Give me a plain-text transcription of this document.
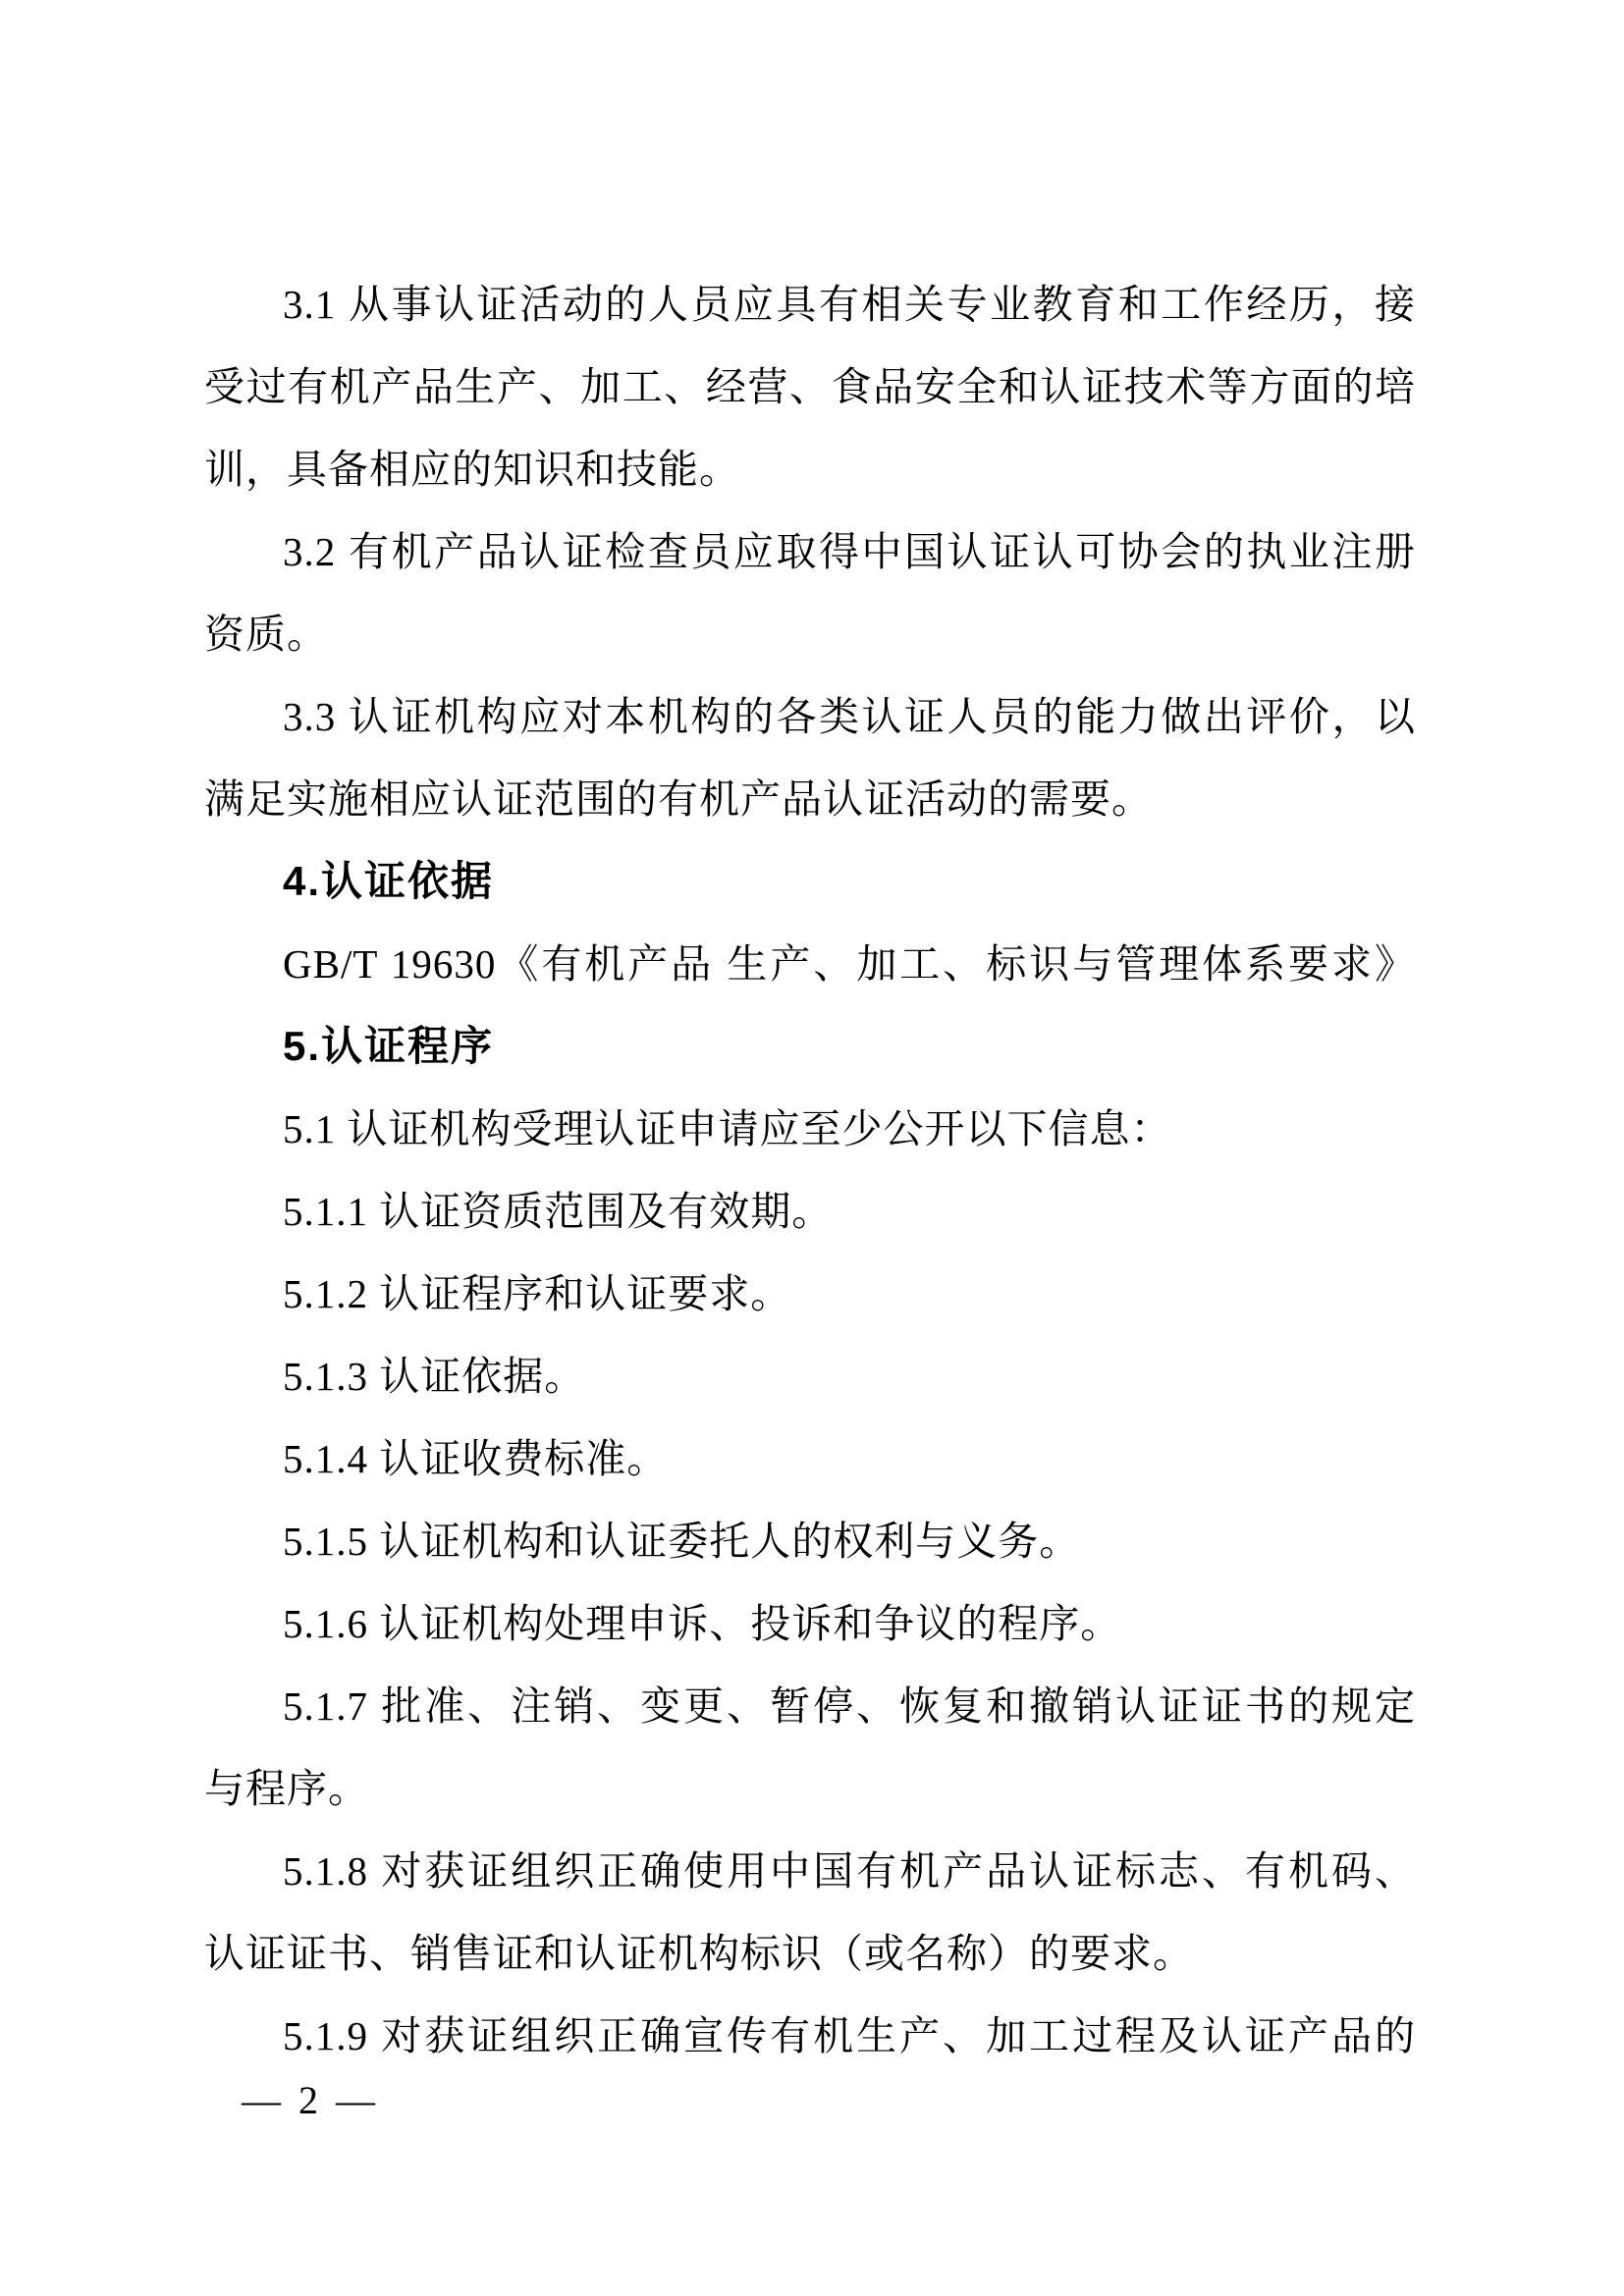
3.1 从事认证活动的人员应具有相关专业教育和工作经历，接
受过有机产品生产、加工、经营、食品安全和认证技术等方面的培
训，具备相应的知识和技能。
3.2 有机产品认证检查员应取得中国认证认可协会的执业注册
资质。
3.3 认证机构应对本机构的各类认证人员的能力做出评价，以
满足实施相应认证范围的有机产品认证活动的需要。
4.认证依据
GB/T 19630《有机产品 生产、加工、标识与管理体系要求》
5.认证程序
5.1 认证机构受理认证申请应至少公开以下信息：
5.1.1 认证资质范围及有效期。
5.1.2 认证程序和认证要求。
5.1.3 认证依据。
5.1.4 认证收费标准。
5.1.5 认证机构和认证委托人的权利与义务。
5.1.6 认证机构处理申诉、投诉和争议的程序。
5.1.7 批准、注销、变更、暂停、恢复和撤销认证证书的规定
与程序。
5.1.8 对获证组织正确使用中国有机产品认证标志、有机码、
认证证书、销售证和认证机构标识（或名称）的要求。
5.1.9 对获证组织正确宣传有机生产、加工过程及认证产品的
— 2 —
